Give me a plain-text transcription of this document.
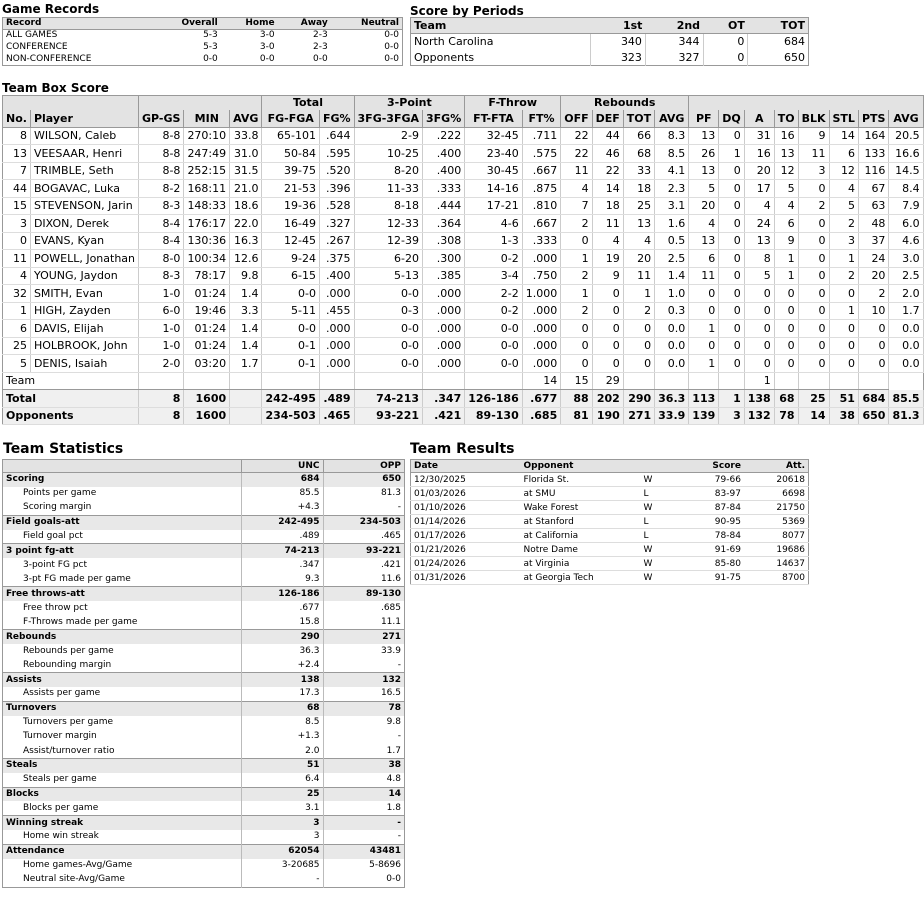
Game Records
Record	Overall	Home	Away	Neutral
ALL GAMES	5-3	3-0	2-3	0-0
CONFERENCE	5-3	3-0	2-3	0-0
NON-CONFERENCE	0-0	0-0	0-0	0-0
Score by Periods
Team	1st	2nd	OT	TOT
North Carolina	340	344	0	684
Opponents	323	327	0	650
Team Box Score
					Total		3-Point		F-Throw		Rebounds											
No.	Player	GP-GS	MIN	AVG	FG-FGA	FG%	3FG-3FGA	3FG%	FT-FTA	FT%	OFF	DEF	TOT	AVG	PF	DQ	A	TO	BLK	STL	PTS	AVG
8	WILSON, Caleb	8-8	270:10	33.8	65-101	.644	2-9	.222	32-45	.711	22	44	66	8.3	13	0	31	16	9	14	164	20.5
13	VEESAAR, Henri	8-8	247:49	31.0	50-84	.595	10-25	.400	23-40	.575	22	46	68	8.5	26	1	16	13	11	6	133	16.6
7	TRIMBLE, Seth	8-8	252:15	31.5	39-75	.520	8-20	.400	30-45	.667	11	22	33	4.1	13	0	20	12	3	12	116	14.5
44	BOGAVAC, Luka	8-2	168:11	21.0	21-53	.396	11-33	.333	14-16	.875	4	14	18	2.3	5	0	17	5	0	4	67	8.4
15	STEVENSON, Jarin	8-3	148:33	18.6	19-36	.528	8-18	.444	17-21	.810	7	18	25	3.1	20	0	4	4	2	5	63	7.9
3	DIXON, Derek	8-4	176:17	22.0	16-49	.327	12-33	.364	4-6	.667	2	11	13	1.6	4	0	24	6	0	2	48	6.0
0	EVANS, Kyan	8-4	130:36	16.3	12-45	.267	12-39	.308	1-3	.333	0	4	4	0.5	13	0	13	9	0	3	37	4.6
11	POWELL, Jonathan	8-0	100:34	12.6	9-24	.375	6-20	.300	0-2	.000	1	19	20	2.5	6	0	8	1	0	1	24	3.0
4	YOUNG, Jaydon	8-3	78:17	9.8	6-15	.400	5-13	.385	3-4	.750	2	9	11	1.4	11	0	5	1	0	2	20	2.5
32	SMITH, Evan	1-0	01:24	1.4	0-0	.000	0-0	.000	2-2	1.000	1	0	1	1.0	0	0	0	0	0	0	2	2.0
1	HIGH, Zayden	6-0	19:46	3.3	5-11	.455	0-3	.000	0-2	.000	2	0	2	0.3	0	0	0	0	0	1	10	1.7
6	DAVIS, Elijah	1-0	01:24	1.4	0-0	.000	0-0	.000	0-0	.000	0	0	0	0.0	1	0	0	0	0	0	0	0.0
25	HOLBROOK, John	1-0	01:24	1.4	0-1	.000	0-0	.000	0-0	.000	0	0	0	0.0	0	0	0	0	0	0	0	0.0
5	DENIS, Isaiah	2-0	03:20	1.7	0-1	.000	0-0	.000	0-0	.000	0	0	0	0.0	1	0	0	0	0	0	0	0.0
Team										14	15	29					1					
Total		8	1600		242-495	.489	74-213	.347	126-186	.677	88	202	290	36.3	113	1	138	68	25	51	684	85.5
Opponents		8	1600		234-503	.465	93-221	.421	89-130	.685	81	190	271	33.9	139	3	132	78	14	38	650	81.3
Team Statistics
	UNC	OPP
Scoring	684	650
Points per game	85.5	81.3
Scoring margin	+4.3	-
Field goals-att	242-495	234-503
Field goal pct	.489	.465
3 point fg-att	74-213	93-221
3-point FG pct	.347	.421
3-pt FG made per game	9.3	11.6
Free throws-att	126-186	89-130
Free throw pct	.677	.685
F-Throws made per game	15.8	11.1
Rebounds	290	271
Rebounds per game	36.3	33.9
Rebounding margin	+2.4	-
Assists	138	132
Assists per game	17.3	16.5
Turnovers	68	78
Turnovers per game	8.5	9.8
Turnover margin	+1.3	-
Assist/turnover ratio	2.0	1.7
Steals	51	38
Steals per game	6.4	4.8
Blocks	25	14
Blocks per game	3.1	1.8
Winning streak	3	-
Home win streak	3	-
Attendance	62054	43481
Home games-Avg/Game	3-20685	5-8696
Neutral site-Avg/Game	-	0-0
Team Results
Date	Opponent		Score	Att.
12/30/2025	Florida St.	W	79-66	20618
01/03/2026	at SMU	L	83-97	6698
01/10/2026	Wake Forest	W	87-84	21750
01/14/2026	at Stanford	L	90-95	5369
01/17/2026	at California	L	78-84	8077
01/21/2026	Notre Dame	W	91-69	19686
01/24/2026	at Virginia	W	85-80	14637
01/31/2026	at Georgia Tech	W	91-75	8700
